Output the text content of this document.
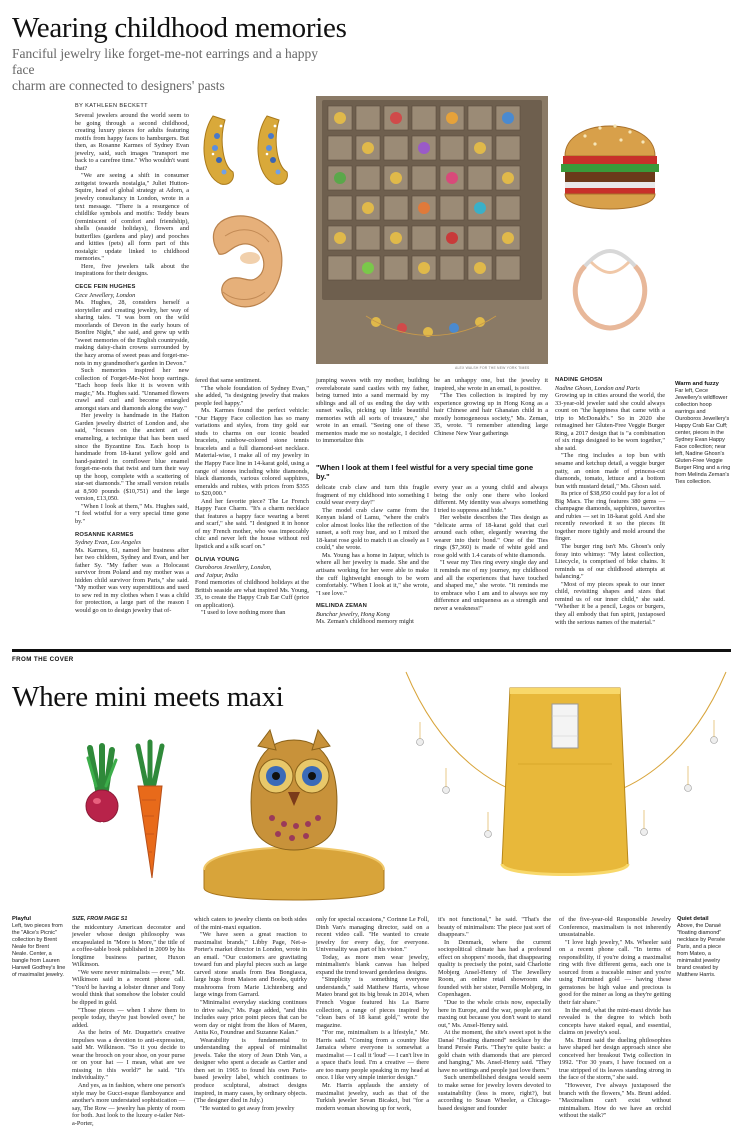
Wearing childhood memories
Fanciful jewelry like forget-me-not earrings and a happy face
charm are connected to designers' pasts
BY KATHLEEN BECKETT

Several jewelers around the world seem to be going through a second childhood, creating luxury pieces for adults featuring motifs from happy faces to hamburgers. But then, as Rosanne Karmes of Sydney Evan jewelry, said, such images "transport me back to a carefree time." Who wouldn't want that?

"We are seeing a shift in consumer zeitgeist towards nostalgia," Juliet Hutton-Squire, head of global strategy at Adorn, a jewelry consultancy in London, wrote in a text message. "There is a resurgence of childlike symbols and motifs: Teddy bears (reminiscent of comfort and friendship), shells (seaside holidays), flowers and butterflies (gardens and play) and pooches and kitties (pets) all form part of this nostalgic update linked to childhood memories."

Here, five jewelers talk about the inspirations for their designs.

CECE FEIN HUGHES

Cece Jewellery, London

Ms. Hughes, 28, considers herself a storyteller and creating jewelry, her way of sharing tales. "I was born on the wild moorlands of Devon in the early hours of Bonfire Night," she said, and grew up with "sweet memories of the English countryside, making daisy-chain crowns surrounded by the hazy aroma of sweet peas and forget-me-nots in my grandmother's garden in Devon."

Such memories inspired her new collection of Forget-Me-Not hoop earrings. "Each hoop feels like it is woven with magic," Ms. Hughes said. "Unnamed flowers crawl and curl and become entangled amongst stars and diamonds along the way."

Her jewelry is handmade in the Hatton Garden jewelry district of London and, she said, "focuses on the ancient art of enameling, a technique that has been used since the Byzantine Era. Each hoop is handmade from 18-karat yellow gold and hand-painted in cornflower blue enamel forget-me-nots that twist and turn their way up the hoop, complete with a scattering of star-set diamonds." The small version retails at 8,500 pounds ($10,751) and the large version, £13,050.

"When I look at them," Ms. Hughes said, "I feel wistful for a very special time gone by."

ROSANNE KARMES

Sydney Evan, Los Angeles

Ms. Karmes, 61, named her business after her two children, Sydney and Evan, and her father Sy. "My father was a Holocaust survivor from Poland and my mother was a hidden child survivor from Paris," she said. "My mother was very superstitious and used to sew red in my clothes when I was a child for protection, a large part of the reason I would go on to design jewelry that of-

ALEX WALSH FOR THE NEW YORK TIMES

fered that same sentiment.

"The whole foundation of Sydney Evan," she added, "is designing jewelry that makes people feel happy."

Ms. Karmes found the perfect vehicle: "Our Happy Face collection has so many variations and styles, from tiny gold ear studs to charms on our iconic beaded bracelets, rainbow-colored stone tennis bracelets and a full diamond-set necklace. Material-wise, I make all of my jewelry in the Happy Face line in 14-karat gold, using a range of stones including white diamonds, black diamonds, various colored sapphires, emeralds and rubies, with prices from $355 to $20,000."

And her favorite piece? The Le French Happy Face Charm. "It's a charm necklace that features a happy face wearing a beret and scarf," she said. "I designed it in honor of my French mother, who was impeccably chic and never left the house without red lipstick and a silk scarf on."

OLIVIA YOUNG

Ouroboros Jewellery, London,

and Jaipur, India

Fond memories of childhood holidays at the British seaside are what inspired Ms. Young, 35, to create the Happy Crab Ear Cuff (price on application).

"I used to love nothing more than

jumping waves with my mother, building overelaborate sand castles with my father, being turned into a sand mermaid by my siblings and all of us ending the day with sunset walks, picking up little beautiful memories with all sorts of treasure," she wrote in an email. "Seeing one of these mementos made me so nostalgic, I decided to immortalize this

be an unhappy one, but the jewelry it inspired, she wrote in an email, is positive.

"The Ties collection is inspired by my experience growing up in Hong Kong as a hair Chinese and hair Ghanaian child in a mostly homogeneous society," Ms. Zeman, 35, wrote. "I remember attending large Chinese New Year gatherings

"When I look at them I feel wistful for a very special time gone by."

delicate crab claw and turn this fragile fragment of my childhood into something I could wear every day!"

The model crab claw came from the Kenyan island of Lamu, "where the crab's color almost looks like the reflection of the sunset, a soft rosy hue, and so I mixed the 18-karat rose gold to match it as closely as I could," she wrote.

Ms. Young has a home in Jaipur, which is where all her jewelry is made. She and the artisans working for her were able to make the cuff lightweight enough to be worn comfortably. "When I look at it," she wrote, "I see love."

MELINDA ZEMAN

Bunchar jewelry, Hong Kong

Ms. Zeman's childhood memory might

every year as a young child and always being the only one there who looked different. My identity was always something I tried to suppress and hide."

Her website describes the Ties design as "delicate arms of 18-karat gold that curl around each other, elegantly weaving the wearer into their bond." One of the Ties rings ($7,360) is made of white gold and rose gold with 1.4 carats of white diamonds.

"I wear my Ties ring every single day and it reminds me of my journey, my childhood and all the experiences that have touched and shaped me," she wrote. "It reminds me to embrace who I am and to always see my difference and uniqueness as a strength and never a weakness!"

NADINE GHOSN

Nadine Ghosn, London and Paris

Growing up in cities around the world, the 33-year-old jeweler said she could always count on "the happiness that came with a trip to McDonald's." So in 2020 she reimagined her Gluten-Free Veggie Burger Ring, a 2017 design that is "a combination of six rings designed to be worn together," she said.

"The ring includes a top bun with sesame and ketchup detail, a veggie burger patty, an onion made of princess-cut diamonds, tomato, lettuce and a bottom bun with mustard detail," Ms. Ghosn said.

Its price of $38,950 could pay for a lot of Big Macs. The ring features 380 gems — champagne diamonds, sapphires, tsavorites and rubies — set in 18-karat gold. And she recently reworked it so the pieces fit together more tightly and mold around the finger.

The burger ring isn't Ms. Ghosn's only foray into whimsy: "My latest collection, Litecycle, is comprised of bike chains. It reminds us of our childhood attempts at balancing."

"Most of my pieces speak to our inner child, revisiting shapes and sizes that remind us of our inner child," she said. "Whether it be a pencil, Legos or burgers, they all embody that fun spirit, juxtaposed with the serious names of the material."

Warm and fuzzy
Far left, Cece Jewellery's wildflower collection hoop earrings and Ouroboros Jewellery's Happy Crab Ear Cuff; center, pieces in the Sydney Evan Happy Face collection; near left, Nadine Ghosn's Gluten-Free Veggie Burger Ring and a ring from Melinda Zeman's Ties collection.
FROM THE COVER
Where mini meets maxi
Playful
Left, two pieces from the "Alice's Picnic" collection by Brent Neale for Brent Neale. Center, a bangle from Lauren Harwell Godfrey's line of maximalist jewelry.
Quiet detail
Above, the Danaé "floating diamond" necklace by Persée Paris, and a piece from Mateo, a minimalist jewelry brand created by Matthew Harris.

SIZE, FROM PAGE S1

the midcentury American decorator and jeweler whose design philosophy was encapsulated in "More is More," the title of a coffee-table book published in 2009 by his longtime business partner, Huxon Wilkinson.

"We were never minimalists — ever," Mr. Wilkinson said in a recent phone call. "You'd be having a lobster dinner and Tony would think that somehow the lobster could be dipped in gold.

"Those pieces — when I show them to people today, they're just bowled over," he added.

As the heirs of Mr. Duquette's creative impulses was a devotion to anti-expression, said Mr. Wilkinson. "So it you decide to wear the brooch on your shoe, on your purse or on your hat — I mean, what are we missing in this world?" he said. "It's individuality."

And yes, as in fashion, where one person's style may be Gucci-esque flamboyance and another's more understated sophistication — say, The Row — jewelry has plenty of room for both. Just look to the luxury e-tailer Net-a-Porter,

which caters to jewelry clients on both sides of the mini-maxi equation.

"We have seen a great reaction to maximalist brands," Libby Page, Net-a-Porter's market director in London, wrote in an email. "Our customers are gravitating toward fun and playful pieces such as large carved stone snails from Bea Bongiasca, large hugs from Maison and Books, quirky mushrooms from Marie Lichtenberg and large wings from Garrard.

"Minimalist everyday stacking continues to drive sales," Ms. Page added, "and this includes easy price point pieces that can be worn day or night from the likes of Maren, Anita Ko, Foundrae and Suzanne Kalan."

Wearability is fundamental to understanding the appeal of minimalist jewels. Take the story of Jean Dinh Van, a designer who spent a decade as Cartier and then set in 1965 to found his own Paris-based jewelry label, which continues to produce sculptural, abstract designs inspired, in many cases, by ordinary objects. (The designer died in July.)

"He wanted to get away from jewelry

only for special occasions," Corinne Le Foll, Dinh Van's managing director, said on a recent video call. "He wanted to create jewelry for every day, for everyone. Universality was part of his vision."

Today, as more men wear jewelry, minimalism's blank canvas has helped expand the trend toward genderless designs.

"Simplicity is something everyone understands," said Matthew Harris, whose Mateo brand got its big break in 2014, when French Vogue featured his La Barre collection, a range of pieces inspired by "clean bars of 18 karat gold," wrote the magazine.

"For me, minimalism is a lifestyle," Mr. Harris said. "Coming from a country like Jamaica where everyone is somewhat a maximalist — I call it 'loud' — I can't live in a space that's loud. I'm a creative — there are too many people speaking in my head at once. I like very simple interior design."

Mr. Harris applauds the anxiety of maximalist jewelry, such as that of the Turkish jeweler Sevan Bicakci, but "for a modern woman showing up for work,

it's not functional," he said. "That's the beauty of minimalism: The piece just sort of disappears."

In Denmark, where the current sociopolitical climate has had a profound effect on shoppers' moods, that disappearing quality is precisely the point, said Charlotte Mobjerg Ansel-Henry of The Jewellery Room, an online retail showroom she founded with her sister, Pernille Mobjerg, in Copenhagen.

"Due to the whole crisis now, especially here in Europe, and the war, people are not maxing out because you don't want to stand out," Ms. Ansel-Henry said.

At the moment, the site's sweet spot is the Danaé "floating diamond" necklace by the brand Persée Paris. "They're quite basic: a gold chain with diamonds that are pierced and hanging," Ms. Ansel-Henry said. "They have no settings and people just love them."

Such unembellished designs would seem to make sense for jewelry lovers devoted to sustainability (less is more, right?), but according to Susan Wheeler, a Chicago-based designer and founder

of the five-year-old Responsible Jewelry Conference, maximalism is not inherently unsustainable.

"I love high jewelry," Ms. Wheeler said on a recent phone call. "In terms of responsibility, if you're doing a maximalist ring with five different gems, each one is sourced from a traceable miner and you're using Fairmined gold — having these gemstones be high value and precious is good for the miner as long as they're getting their fair share."

In the end, what the mini-maxi divide has revealed is the degree to which both concepts have staked equal, and essential, claims on jewelry's soul.

Ms. Bruni said the dueling philosophies have shaped her design approach since she conceived her breakout Twig collection in 1992. "For 30 years, I have focused on a true stripped of its leaves standing strong in the face of the storm," she said.

"However, I've always juxtaposed the branch with the flowers," Ms. Bruni added. "Maximalism can't exist without minimalism. How do we have an orchid without the stalk?"
